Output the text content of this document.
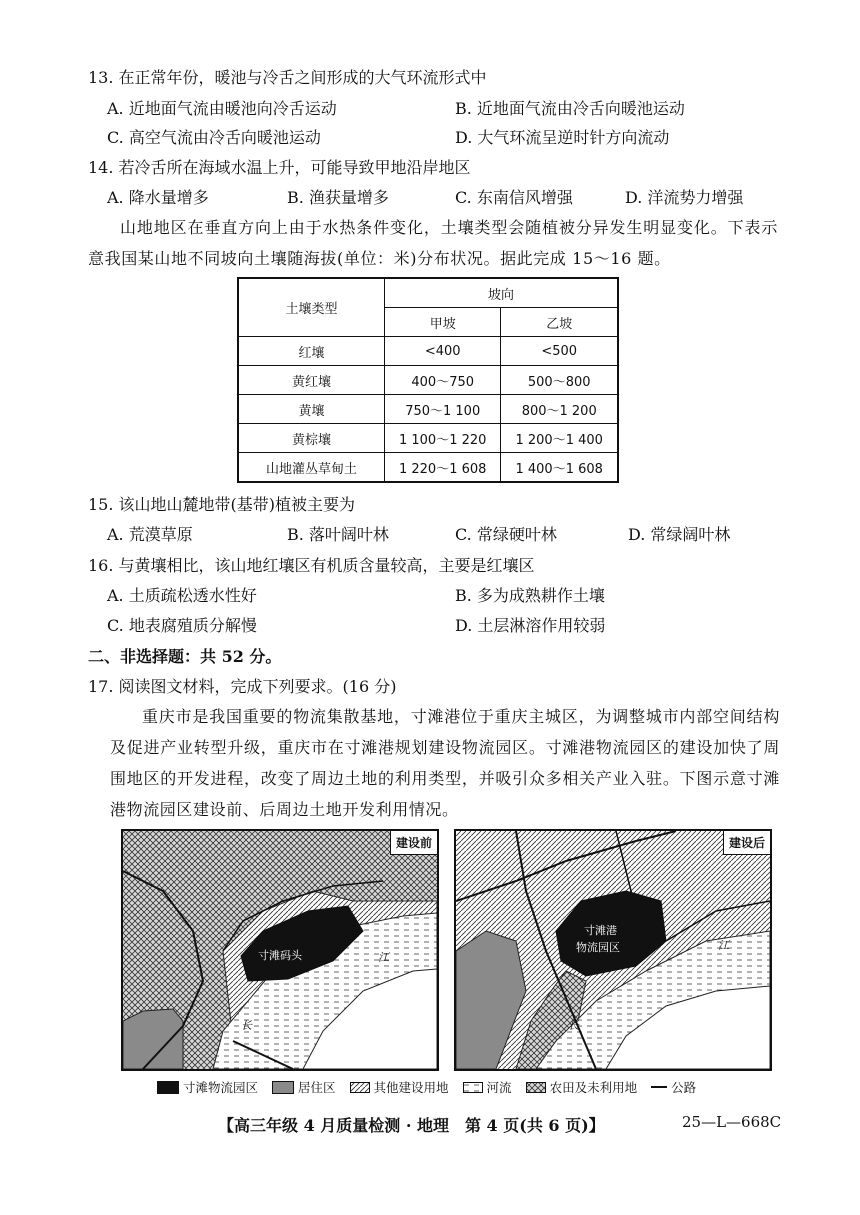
13. 在正常年份，暖池与冷舌之间形成的大气环流形式中
A. 近地面气流由暖池向冷舌运动	B. 近地面气流由冷舌向暖池运动
C. 高空气流由冷舌向暖池运动	D. 大气环流呈逆时针方向流动
14. 若冷舌所在海域水温上升，可能导致甲地沿岸地区
A. 降水量增多	B. 渔获量增多	C. 东南信风增强	D. 洋流势力增强
山地地区在垂直方向上由于水热条件变化，土壤类型会随植被分异发生明显变化。下表示意我国某山地不同坡向土壤随海拔(单位：米)分布状况。据此完成 15～16 题。
土壤类型	坡向	
	甲坡	乙坡
红壤	<400	<500
黄红壤	400～750	500～800
黄壤	750～1 100	800～1 200
黄棕壤	1 100～1 220	1 200～1 400
山地灌丛草甸土	1 220～1 608	1 400～1 608
15. 该山地山麓地带(基带)植被主要为
A. 荒漠草原	B. 落叶阔叶林	C. 常绿硬叶林	D. 常绿阔叶林
16. 与黄壤相比，该山地红壤区有机质含量较高，主要是红壤区
A. 土质疏松透水性好	B. 多为成熟耕作土壤
C. 地表腐殖质分解慢	D. 土层淋溶作用较弱
二、非选择题：共 52 分。
17. 阅读图文材料，完成下列要求。(16 分)
重庆市是我国重要的物流集散基地，寸滩港位于重庆主城区，为调整城市内部空间结构及促进产业转型升级，重庆市在寸滩港规划建设物流园区。寸滩港物流园区的建设加快了周围地区的开发进程，改变了周边土地的利用类型，并吸引众多相关产业入驻。下图示意寸滩港物流园区建设前、后周边土地开发利用情况。
寸滩码头	江
长
建设前
寸滩港
物流园区	江
长
建设后
寸滩物流园区	居住区	其他建设用地	河流	农田及未利用地	公路
【高三年级 4 月质量检测 · 地理　第 4 页(共 6 页)】	25—L—668C
